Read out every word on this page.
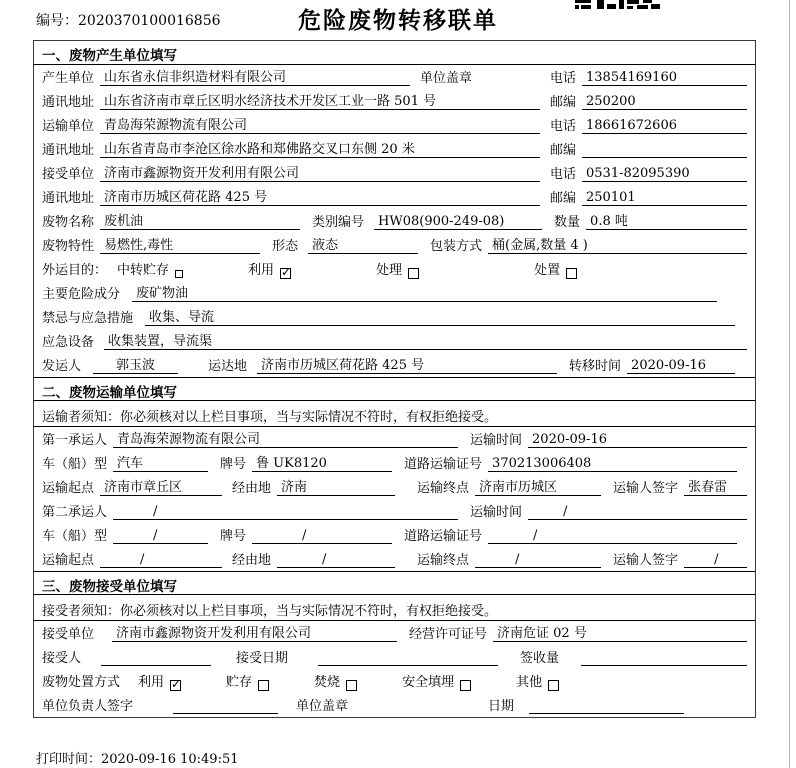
编号：2020370100016856	危险废物转移联单
一、废物产生单位填写
产生单位 山东省永信非织造材料有限公司	单位盖章	电话 13854169160
通讯地址 山东省济南市章丘区明水经济技术开发区工业一路 501 号	邮编 250200
运输单位 青岛海荣源物流有限公司	电话 18661672606
通讯地址 山东省青岛市李沧区徐水路和郑佛路交叉口东侧 20 米	邮编
接受单位 济南市鑫源物资开发利用有限公司	电话 0531-82095390
通讯地址 济南市历城区荷花路 425 号	邮编 250101
废物名称 废机油	类别编号	HW08(900-249-08)	数量 0.8 吨
废物特性 易燃性,毒性	形态	液态	包装方式 桶(金属,数量 4 )
外运目的： 中转贮存	利用 ✓	处理	处置
主要危险成分	废矿物油
禁忌与应急措施	收集、导流
应急设备	收集装置，导流渠
发运人	郭玉波	运达地	济南市历城区荷花路 425 号	转移时间 2020-09-16
二、废物运输单位填写
运输者须知：你必须核对以上栏目事项，当与实际情况不符时，有权拒绝接受。
第一承运人 青岛海荣源物流有限公司	运输时间 2020-09-16
车（船）型 汽车	牌号 鲁 UK8120	道路运输证号 370213006408
运输起点 济南市章丘区	经由地 济南	运输终点 济南市历城区	运输人签字 张春雷
第二承运人	/	运输时间	/
车（船）型	/	牌号	/	道路运输证号	/
运输起点	/	经由地	/	运输终点	/	运输人签字	/
三、废物接受单位填写
接受者须知：你必须核对以上栏目事项，当与实际情况不符时，有权拒绝接受。
接受单位	济南市鑫源物资开发利用有限公司	经营许可证号 济南危证 02 号
接受人	接受日期	签收量
废物处置方式 利用 ✓	贮存	焚烧	安全填埋	其他
单位负责人签字	单位盖章	日期
打印时间：2020-09-16 10:49:51
